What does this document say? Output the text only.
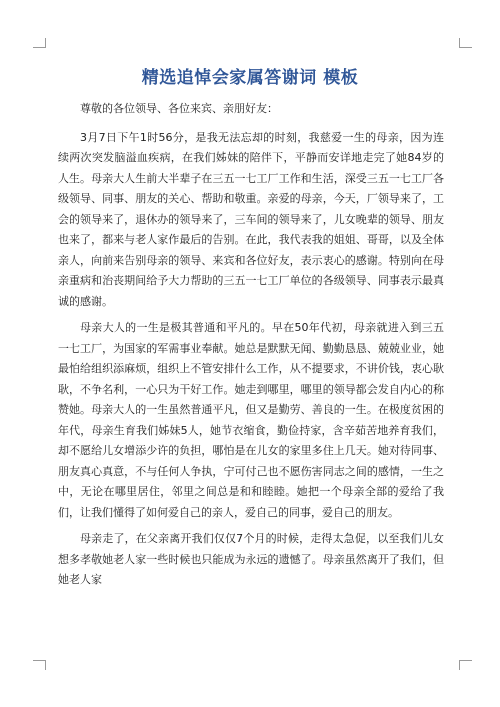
精选追悼会家属答谢词 模板

尊敬的各位领导、各位来宾、亲朋好友：

3月7日下午1时56分，是我无法忘却的时刻，我慈爱一生的母亲，因为连续两次突发脑溢血疾病，在我们姊妹的陪伴下，平静而安详地走完了她84岁的人生。母亲大人生前大半辈子在三五一七工厂工作和生活，深受三五一七工厂各级领导、同事、朋友的关心、帮助和敬重。亲爱的母亲，今天，厂领导来了，工会的领导来了，退休办的领导来了，三车间的领导来了，儿女晚辈的领导、朋友也来了，都来与老人家作最后的告别。在此，我代表我的姐姐、哥哥，以及全体亲人，向前来告别母亲的领导、来宾和各位好友，表示衷心的感谢。特别向在母亲重病和治丧期间给予大力帮助的三五一七工厂单位的各级领导、同事表示最真诚的感谢。

母亲大人的一生是极其普通和平凡的。早在50年代初，母亲就进入到三五一七工厂，为国家的军需事业奉献。她总是默默无闻、勤勤恳恳、兢兢业业，她最怕给组织添麻烦，组织上不管安排什么工作，从不提要求，不讲价钱，衷心耿耿，不争名利，一心只为干好工作。她走到哪里，哪里的领导都会发自内心的称赞她。母亲大人的一生虽然普通平凡，但又是勤劳、善良的一生。在极度贫困的年代，母亲生育我们姊妹5人，她节衣缩食，勤俭持家，含辛茹苦地养育我们，却不愿给儿女增添少许的负担，哪怕是在儿女的家里多住上几天。她对待同事、朋友真心真意，不与任何人争执，宁可付己也不愿伤害同志之间的感情，一生之中，无论在哪里居住，邻里之间总是和和睦睦。她把一个母亲全部的爱给了我们，让我们懂得了如何爱自己的亲人，爱自己的同事，爱自己的朋友。

母亲走了，在父亲离开我们仅仅7个月的时候，走得太急促，以至我们儿女想多孝敬她老人家一些时候也只能成为永远的遗憾了。母亲虽然离开了我们，但她老人家
